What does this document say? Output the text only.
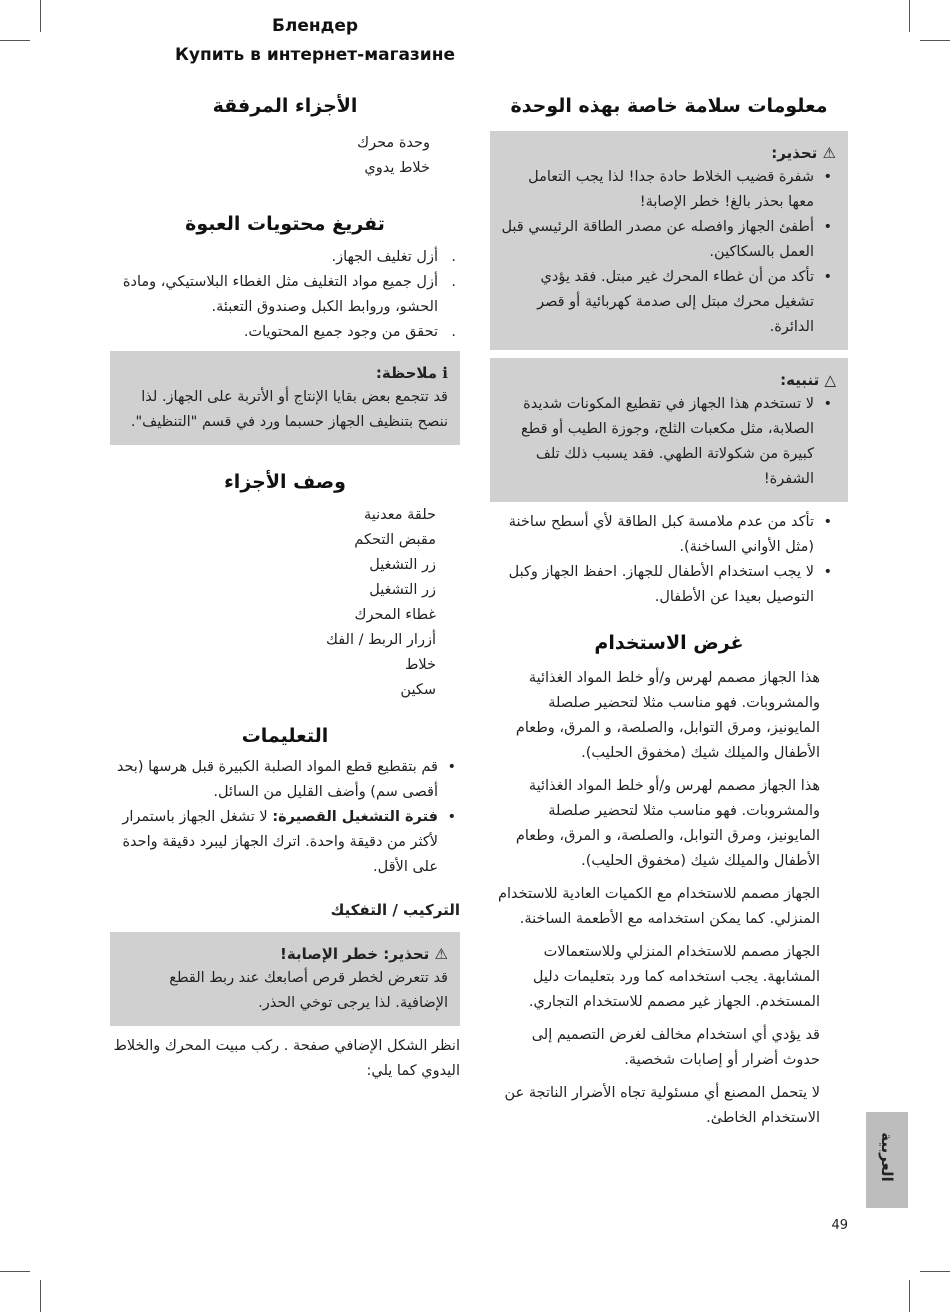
Блендер
Купить в интернет-магазине
معلومات سلامة خاصة بهذه الوحدة

⚠ تحذير:

• شفرة قضيب الخلاط حادة جدا! لذا يجب التعامل معها بحذر بالغ! خطر الإصابة!
• أطفئ الجهاز وافصله عن مصدر الطاقة الرئيسي قبل العمل بالسكاكين.
• تأكد من أن غطاء المحرك غير مبتل. فقد يؤدي تشغيل محرك مبتل إلى صدمة كهربائية أو قصر الدائرة.

△ تنبيه:

• لا تستخدم هذا الجهاز في تقطيع المكونات شديدة الصلابة، مثل مكعبات الثلج، وجوزة الطيب أو قطع كبيرة من شكولاتة الطهي. فقد يسبب ذلك تلف الشفرة!
• تأكد من عدم ملامسة كبل الطاقة لأي أسطح ساخنة (مثل الأواني الساخنة).
• لا يجب استخدام الأطفال للجهاز. احفظ الجهاز وكبل التوصيل بعيدا عن الأطفال.
غرض الاستخدام

هذا الجهاز مصمم لهرس و/أو خلط المواد الغذائية والمشروبات. فهو مناسب مثلا لتحضير صلصلة المايونيز، ومرق التوابل، والصلصة، و المرق، وطعام الأطفال والميلك شيك (مخفوق الحليب).

هذا الجهاز مصمم لهرس و/أو خلط المواد الغذائية والمشروبات. فهو مناسب مثلا لتحضير صلصلة المايونيز، ومرق التوابل، والصلصة، و المرق، وطعام الأطفال والميلك شيك (مخفوق الحليب).

الجهاز مصمم للاستخدام مع الكميات العادية للاستخدام المنزلي. كما يمكن استخدامه مع الأطعمة الساخنة.

الجهاز مصمم للاستخدام المنزلي وللاستعمالات المشابهة. يجب استخدامه كما ورد بتعليمات دليل المستخدم. الجهاز غير مصمم للاستخدام التجاري.

قد يؤدي أي استخدام مخالف لغرض التصميم إلى حدوث أضرار أو إصابات شخصية.

لا يتحمل المصنع أي مسئولية تجاه الأضرار الناتجة عن الاستخدام الخاطئ.

الأجزاء المرفقة
وحدة محرك
خلاط يدوي
تفريغ محتويات العبوة
. أزل تغليف الجهاز.
. أزل جميع مواد التغليف مثل الغطاء البلاستيكي، ومادة الحشو، وروابط الكبل وصندوق التعبئة.
. تحقق من وجود جميع المحتويات.

ℹ ملاحظة:

قد تتجمع بعض بقايا الإنتاج أو الأتربة على الجهاز. لذا ننصح بتنظيف الجهاز حسبما ورد في قسم "التنظيف".

وصف الأجزاء
حلقة معدنية
مقبض التحكم
زر التشغيل
زر التشغيل
غطاء المحرك
أزرار الربط / الفك
خلاط
سكين
التعليمات
• قم بتقطيع قطع المواد الصلبة الكبيرة قبل هرسها (بحد أقصى سم) وأضف القليل من السائل.
• فترة التشغيل القصيرة: لا تشغل الجهاز باستمرار لأكثر من دقيقة واحدة. اترك الجهاز ليبرد دقيقة واحدة على الأقل.

التركيب / التفكيك

⚠ تحذير: خطر الإصابة!

قد تتعرض لخطر قرص أصابعك عند ربط القطع الإضافية. لذا يرجى توخي الحذر.

انظر الشكل الإضافي صفحة . ركب مبيت المحرك والخلاط اليدوي كما يلي:

العربية
49
